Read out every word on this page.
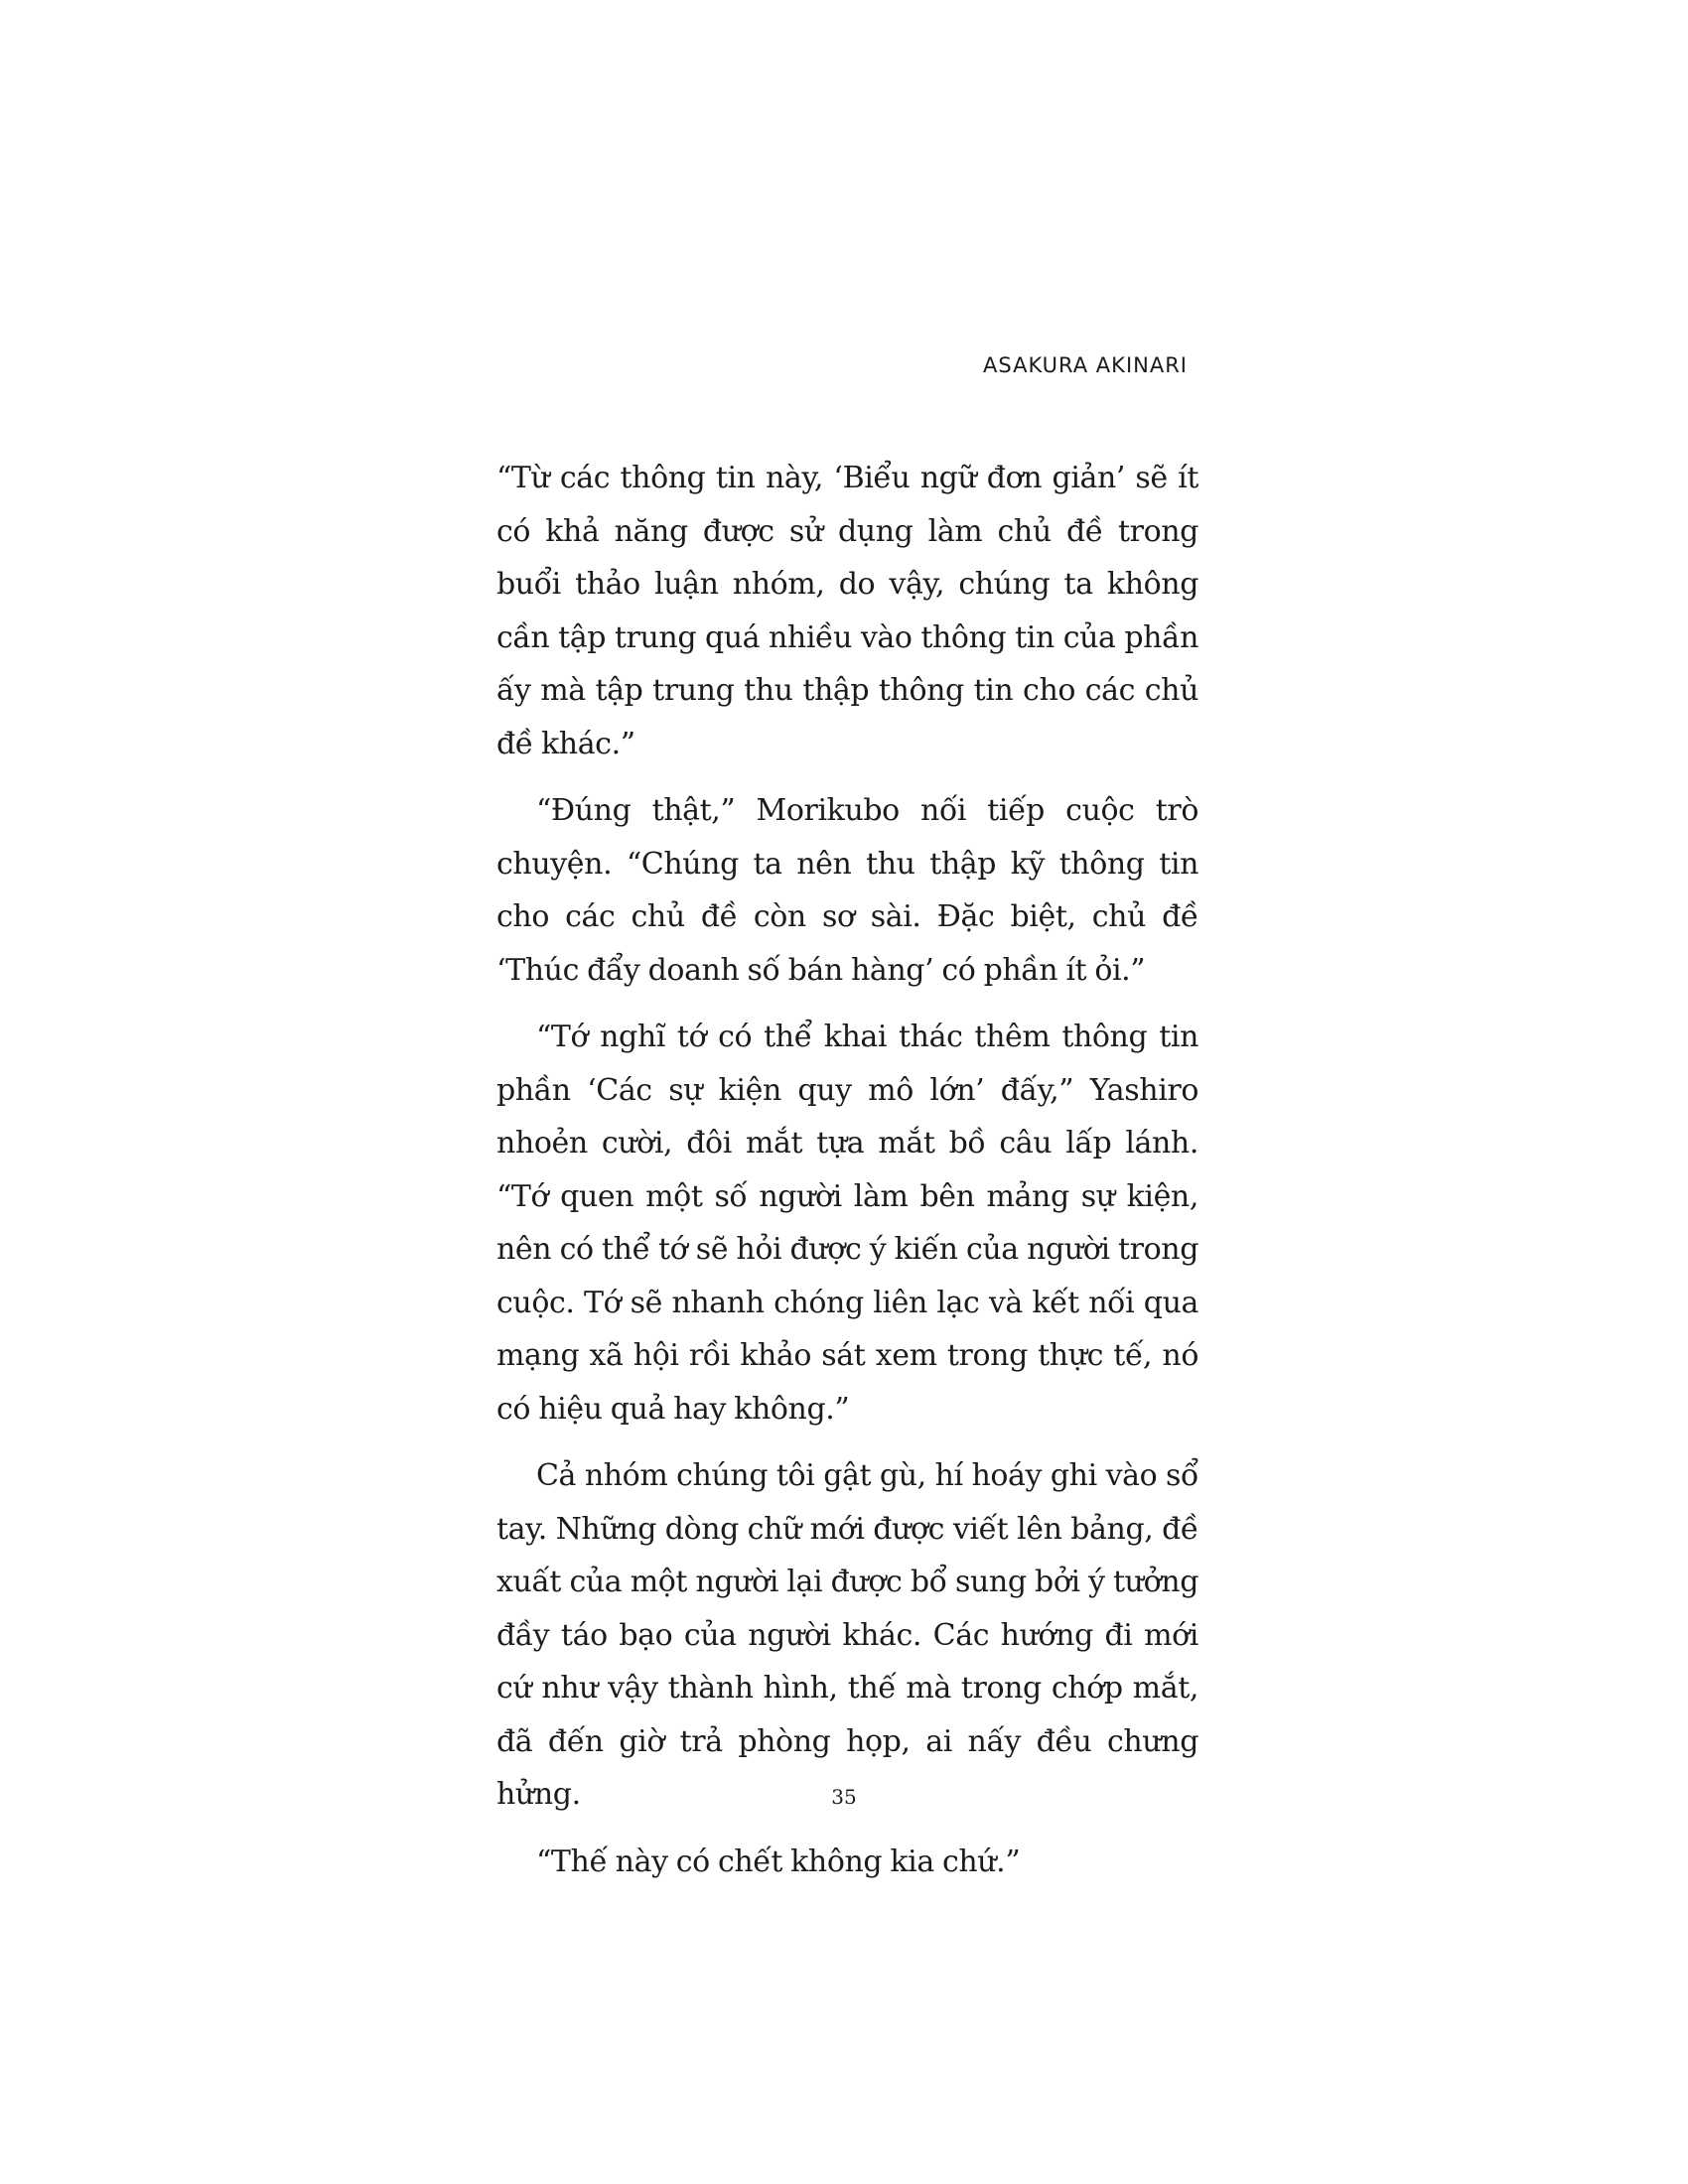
ASAKURA AKINARI

“Từ các thông tin này, ‘Biểu ngữ đơn giản’ sẽ ít có khả năng được sử dụng làm chủ đề trong buổi thảo luận nhóm, do vậy, chúng ta không cần tập trung quá nhiều vào thông tin của phần ấy mà tập trung thu thập thông tin cho các chủ đề khác.”

“Đúng thật,” Morikubo nối tiếp cuộc trò chuyện. “Chúng ta nên thu thập kỹ thông tin cho các chủ đề còn sơ sài. Đặc biệt, chủ đề ‘Thúc đẩy doanh số bán hàng’ có phần ít ỏi.”

“Tớ nghĩ tớ có thể khai thác thêm thông tin phần ‘Các sự kiện quy mô lớn’ đấy,” Yashiro nhoẻn cười, đôi mắt tựa mắt bồ câu lấp lánh. “Tớ quen một số người làm bên mảng sự kiện, nên có thể tớ sẽ hỏi được ý kiến của người trong cuộc. Tớ sẽ nhanh chóng liên lạc và kết nối qua mạng xã hội rồi khảo sát xem trong thực tế, nó có hiệu quả hay không.”

Cả nhóm chúng tôi gật gù, hí hoáy ghi vào sổ tay. Những dòng chữ mới được viết lên bảng, đề xuất của một người lại được bổ sung bởi ý tưởng đầy táo bạo của người khác. Các hướng đi mới cứ như vậy thành hình, thế mà trong chớp mắt, đã đến giờ trả phòng họp, ai nấy đều chưng hửng.

“Thế này có chết không kia chứ.”

35
